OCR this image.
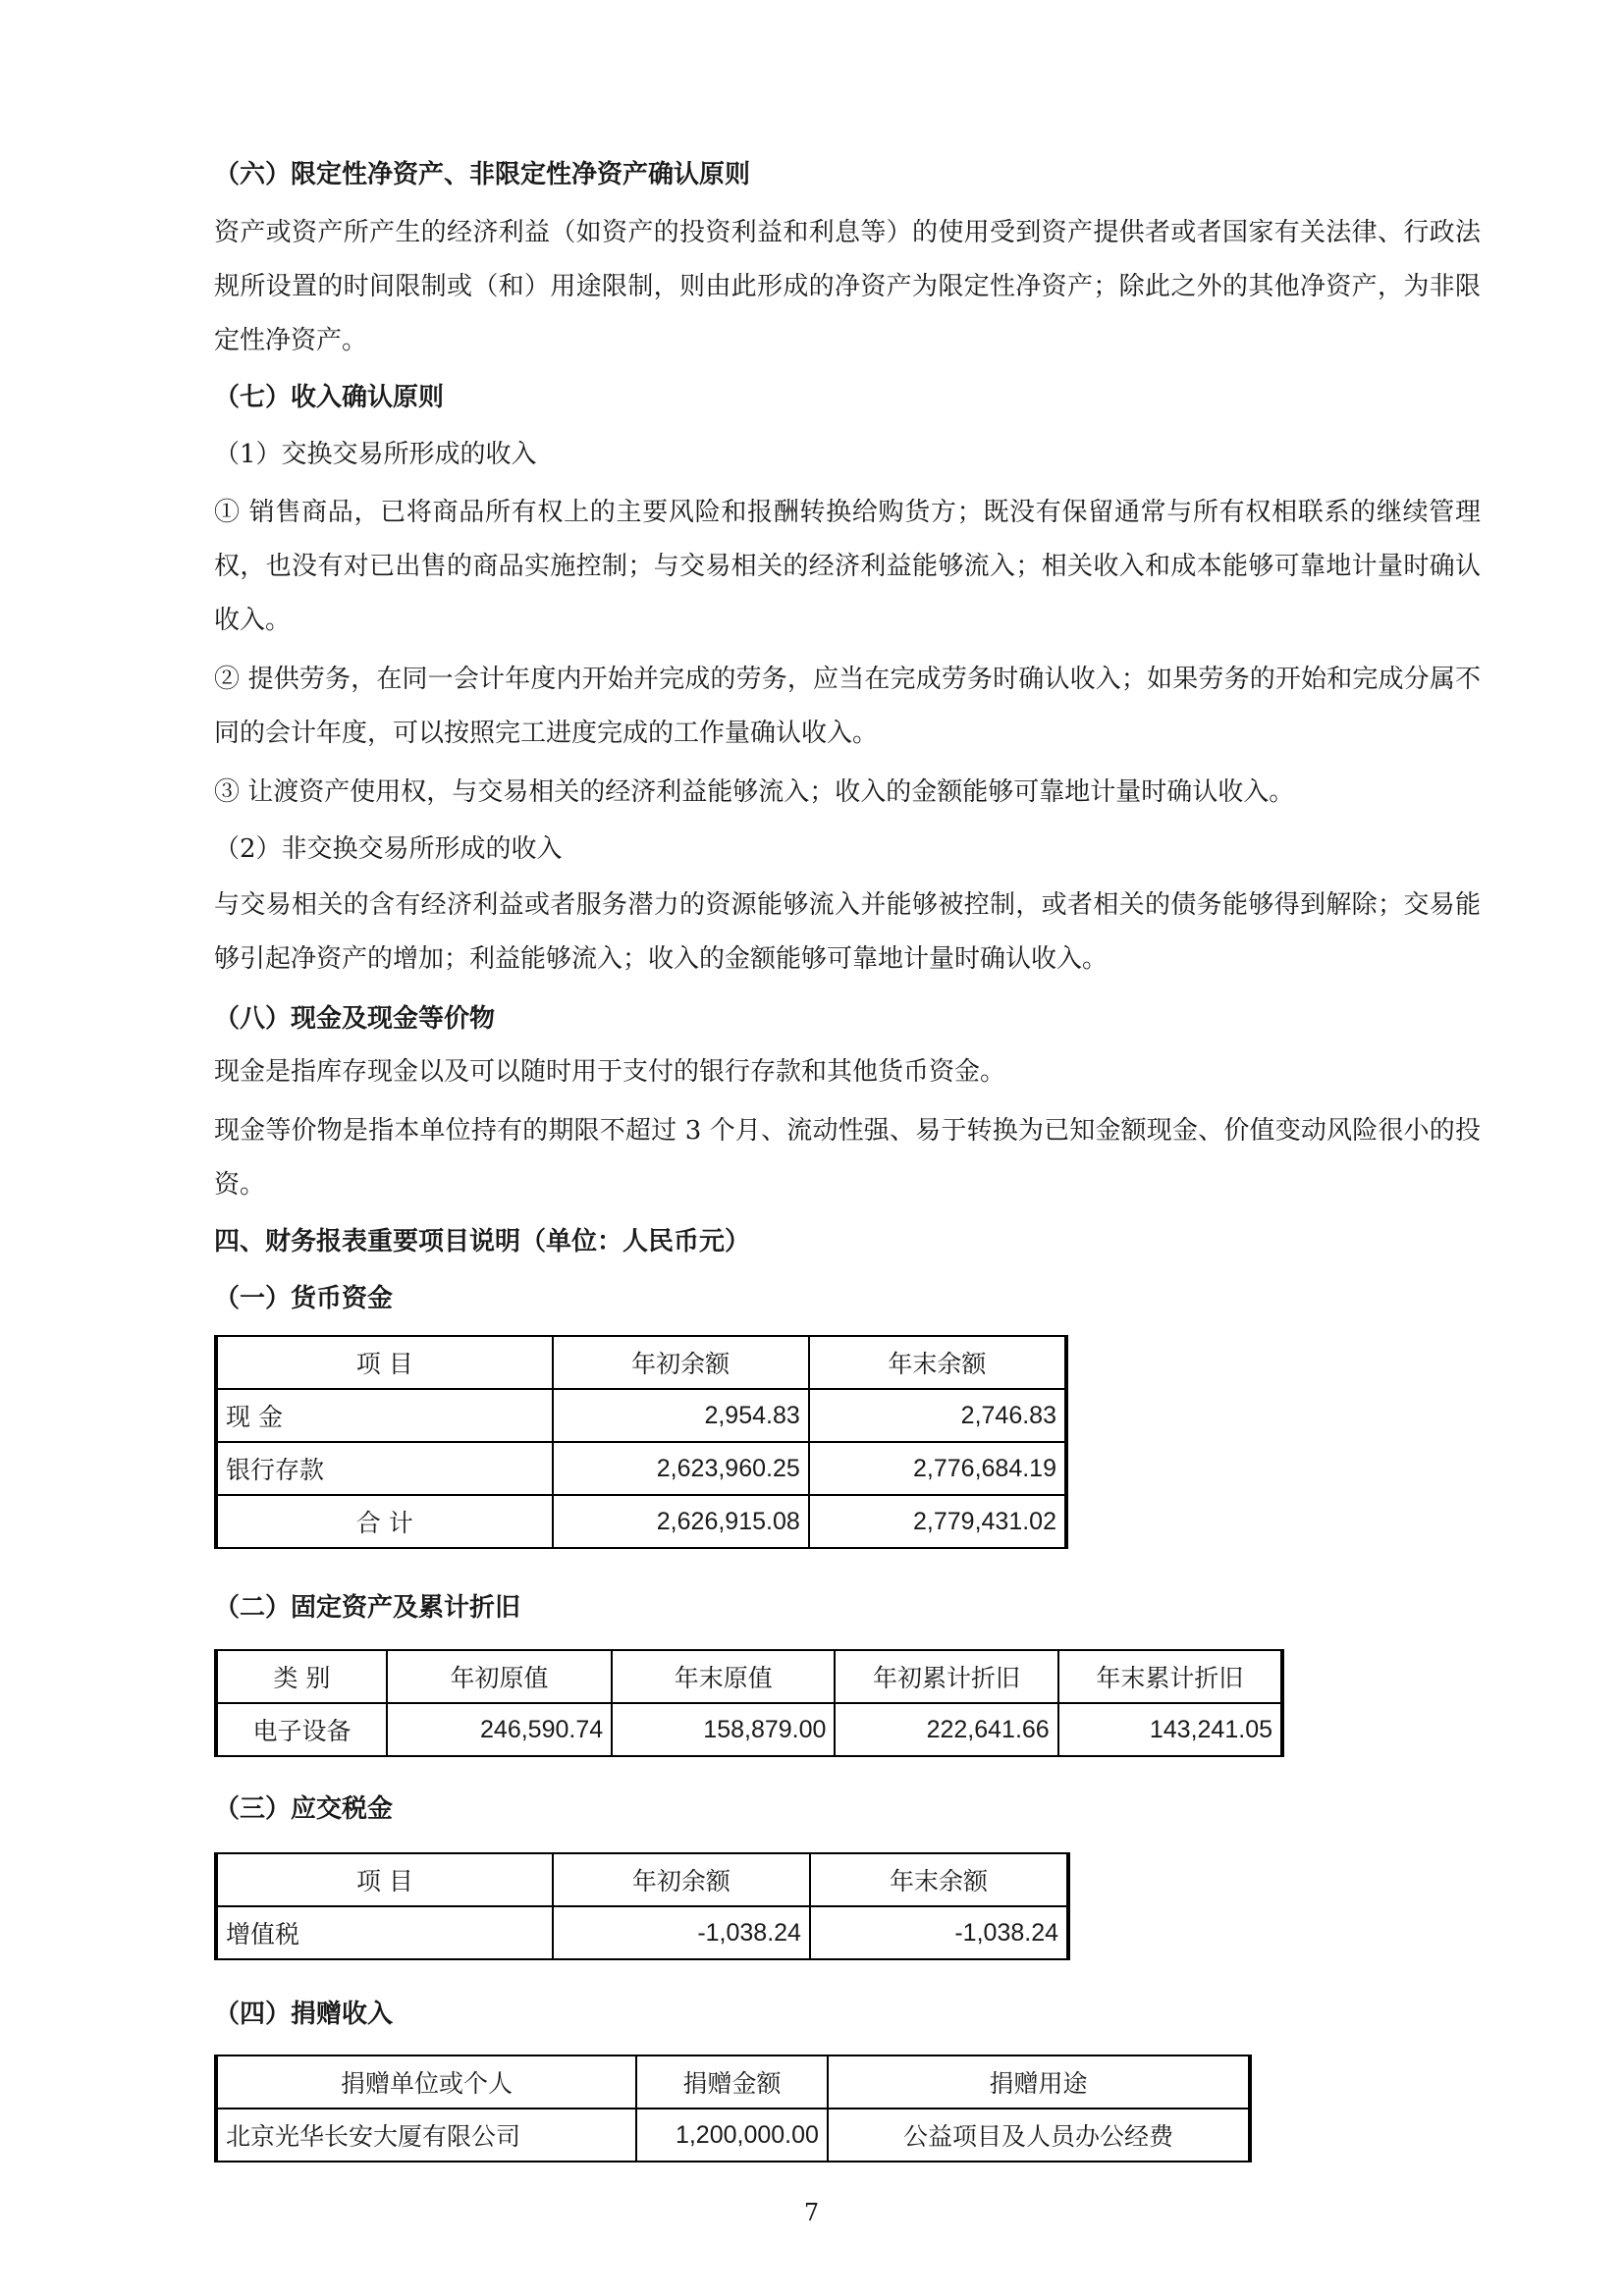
（六）限定性净资产、非限定性净资产确认原则
资产或资产所产生的经济利益（如资产的投资利益和利息等）的使用受到资产提供者或者国家有关法律、行政法规所设置的时间限制或（和）用途限制，则由此形成的净资产为限定性净资产；除此之外的其他净资产，为非限定性净资产。
（七）收入确认原则
（1）交换交易所形成的收入
① 销售商品，已将商品所有权上的主要风险和报酬转换给购货方；既没有保留通常与所有权相联系的继续管理权，也没有对已出售的商品实施控制；与交易相关的经济利益能够流入；相关收入和成本能够可靠地计量时确认收入。
② 提供劳务，在同一会计年度内开始并完成的劳务，应当在完成劳务时确认收入；如果劳务的开始和完成分属不同的会计年度，可以按照完工进度完成的工作量确认收入。
③ 让渡资产使用权，与交易相关的经济利益能够流入；收入的金额能够可靠地计量时确认收入。
（2）非交换交易所形成的收入
与交易相关的含有经济利益或者服务潜力的资源能够流入并能够被控制，或者相关的债务能够得到解除；交易能够引起净资产的增加；利益能够流入；收入的金额能够可靠地计量时确认收入。
（八）现金及现金等价物
现金是指库存现金以及可以随时用于支付的银行存款和其他货币资金。
现金等价物是指本单位持有的期限不超过 3 个月、流动性强、易于转换为已知金额现金、价值变动风险很小的投资。
四、财务报表重要项目说明（单位：人民币元）
（一）货币资金
项 目	年初余额	年末余额
现 金	2,954.83	2,746.83
银行存款	2,623,960.25	2,776,684.19
合 计	2,626,915.08	2,779,431.02
（二）固定资产及累计折旧
类 别	年初原值	年末原值	年初累计折旧	年末累计折旧
电子设备	246,590.74	158,879.00	222,641.66	143,241.05
（三）应交税金
项 目	年初余额	年末余额
增值税	-1,038.24	-1,038.24
（四）捐赠收入
捐赠单位或个人	捐赠金额	捐赠用途
北京光华长安大厦有限公司	1,200,000.00	公益项目及人员办公经费
7
